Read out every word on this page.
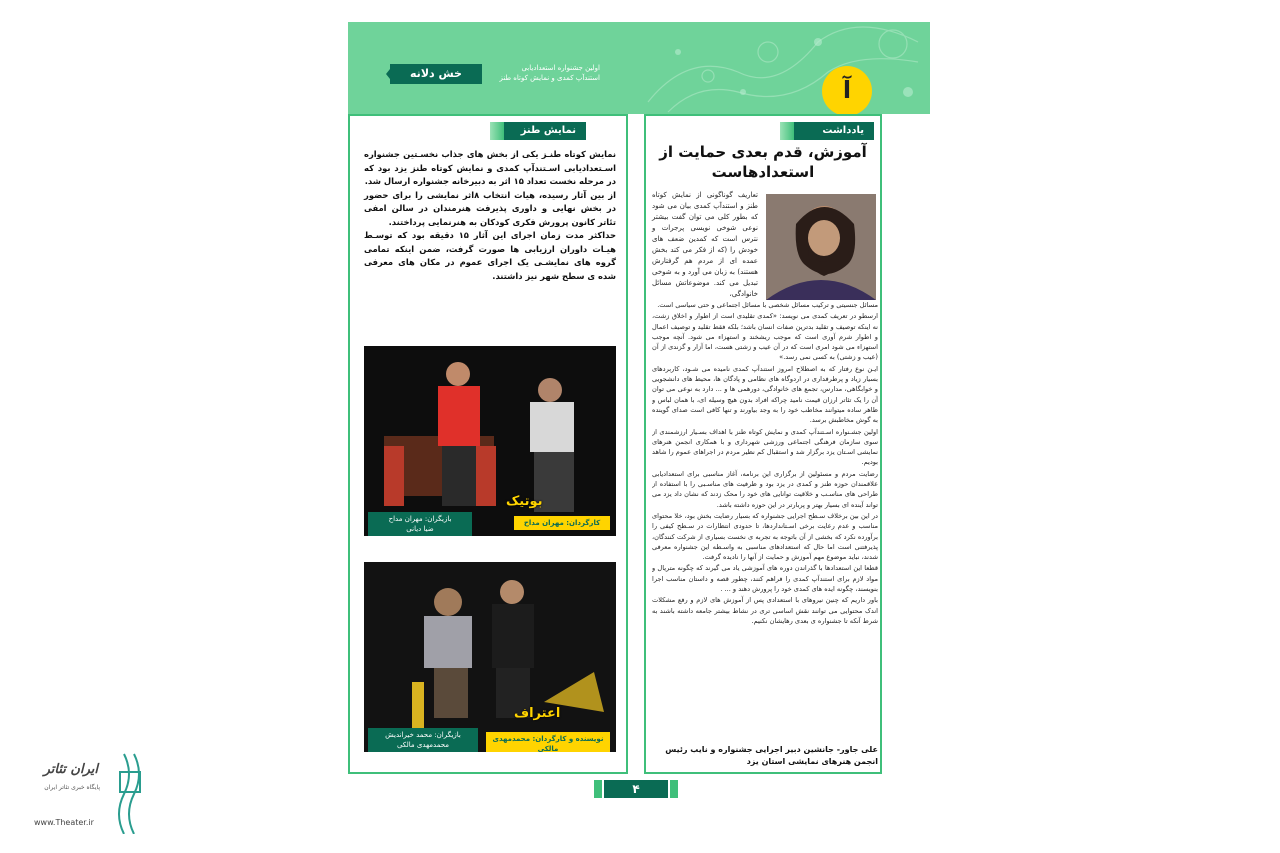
خش دلانه	اولین جشنواره استعدادیابی
استندآپ کمدی و نمایش کوتاه طنز	آ
یادداشت
آموزش، قدم بعدی حمایت از استعدادهاست
تعاریف گوناگونی از نمایش کوتاه طنز و استندآپ کمدی بیان می شود که بطور کلی می توان گفت بیشتر نوعی شوخی نویسی پرجرات و نترس است که کمدین ضعف های خودش را (که از فکر می کند بخش عمده ای از مردم هم گرفتارش هستند) به زبان می آورد و به شوخی تبدیل می کند. موضوعاتش مسائل خانوادگی،

مسائل جنسیتی و ترکیب مسائل شخصی با مسائل اجتماعی و حتی سیاسی است.

ارسطو در تعریف کمدی می نویسد: «کمدی تقلیدی است از اطوار و اخلاق زشت، نه اینکه توصیف و تقلید بدترین صفات انسان باشد؛ بلکه فقط تقلید و توصیف اعمال و اطوار شرم آوری است که موجب ریشخند و استهزاء می شود. آنچه موجب استهزاء می شود امری است که در آن عیب و زشتی هست، اما آزار و گزندی از آن (عیب و زشتی) به کسی نمی رسد.»

ایـن نوع رفتار که به اصطلاح امروز استندآپ کمدی نامیده می شـود، کاربردهای بسیار زیاد و پرطرفداری در اردوگاه های نظامی و پادگان ها، محیط های دانشجویی و خوابگاهی، مدارس، تجمع های خانوادگی، دورهمی ها و ... دارد به نوعی می توان آن را یک تئاتر ارزان قیمت نامید چراکه افراد بدون هیچ وسیله ای، با همان لباس و ظاهر ساده میتوانند مخاطب خود را به وجد بیاورند و تنها کافی است صدای گوینده به گوش مخاطبش برسد.

اولین جشـنواره اسـتندآپ کمدی و نمایش کوتاه طنز با اهداف بسـیار ارزشمندی از سوی سازمان فرهنگی اجتماعی ورزشی شهرداری و با همکاری انجمن هنرهای نمایشی اسـتان یزد برگزار شد و استقبال کم نظیر مردم در اجراهای عموم را شاهد بودیم.

رضایت مردم و مسئولین از برگزاری این برنامه، آغاز مناسبی برای استعدادیابی علاقمندان حوزه طنز و کمدی در یزد بود و ظرفیت های مناسـبی را با استفاده از طراحی های مناسـب و خلاقیت توانایی های خود را محک زدند که نشان داد یزد می تواند آینده ای بسیار بهتر و پربارتر در این حوزه داشته باشد.

در این بین برخلاف سـطح اجرایی جشنواره که بسیار رضایت بخش بود، خلا محتوای مناسب و عدم رعایت برخی اسـتانداردها، تا حدودی انتظارات در سـطح کیفی را برآورده نکرد که بخشی از آن باتوجه به تجربه ی نخست بسیاری از شرکت کنندگان، پذیرفتنی است اما حال که استعدادهای مناسبی به واسـطه این جشنواره معرفی شدند، نباید موضوع مهم آموزش و حمایت از آنها را نادیده گرفت.

قطعا این استعدادها با گذراندن دوره های آموزشی یاد می گیرند که چگونه متریال و مواد لازم برای استندآپ کمدی را فراهم کنند، چطور قصه و داستان مناسب اجرا بنویسند، چگونه ایده های کمدی خود را پرورش دهند و ... .

باور داریم که چنین نیروهای با استعدادی پس از آموزش های لازم و رفع مشکلات اندک محتوایی می توانند نقش اساسی تری در نشاط بیشتر جامعه داشته باشند به شرط آنکه تا جشنواره ی بعدی رهایشان نکنیم.

علی جاور- جانشین دبیر اجرایی جشنواره و نایب رئیس
انجمن هنرهای نمایشی استان یزد
نمایش طنز

نمایش کوتاه طنـز یکی از بخش های جذاب نخسـتین جشنواره اسـتعدادیابی اسـتندآپ کمدی و نمایش کوتاه طنز یزد بود که در مرحله نخست تعداد ۱۵ اثر به دبیرخانه جشنواره ارسال شد.

از بین آثار رسیده، هیات انتخاب ۸اثر نمایشی را برای حضور در بخش نهایی و داوری پذیرفت هنرمندان در سالن امفی تئاتر کانون پرورش فکری کودکان به هنرنمایی پرداختند.

حداکثر مدت زمان اجرای این آثار ۱۵ دقیقه بود که توسـط هیـات داوران ارزیابی ها صورت گرفت، ضمن اینکه تمامی گروه های نمایشـی یک اجرای عموم در مکان های معرفی شده ی سطح شهر نیز داشتند.

بوتیک
بازیگران: مهران مداح
ضیا دیانی
کارگردان: مهران مداح
اعتراف
بازیگران: محمد خیراندیش
محمدمهدی مالکی
نویسنده و کارگردان: محمدمهدی مالکی
۴
ایران تئاتر
پایگاه خبری تئاتر ایران
www.Theater.ir
